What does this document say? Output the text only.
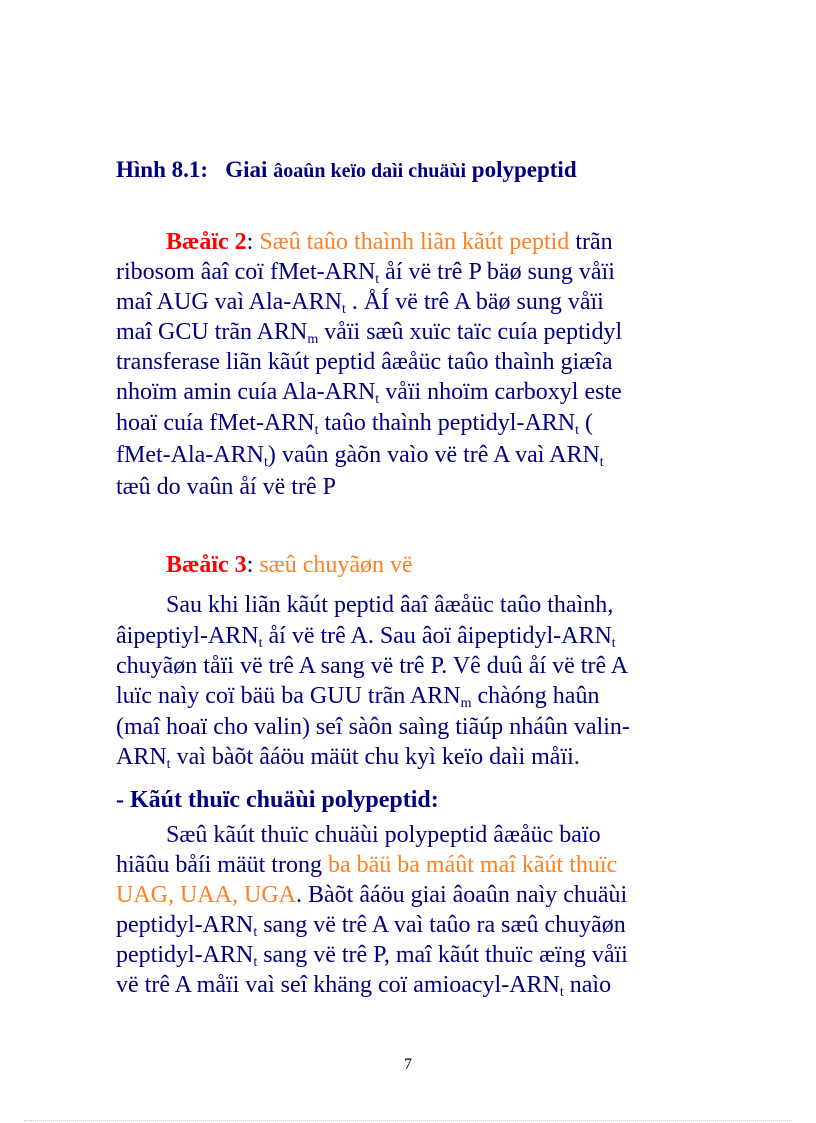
Hình 8.1: Giai âoaûn keïo daìi chuäùi polypeptid
Bæåïc 2: Sæû taûo thaình liãn kãút peptid trãn
ribosom âaî coï fMet-$ARN_t$ åí vë trê P bäø sung våïi
maî AUG vaì Ala-$ARN_t$ . ÅÍ vë trê A bäø sung våïi
maî GCU trãn $ARN_m$ våïi sæû xuïc taïc cuía peptidyl
transferase liãn kãút peptid âæåüc taûo thaình giæîa
nhoïm amin cuía Ala-$ARN_t$ våïi nhoïm carboxyl este
hoaï cuía fMet-$ARN_t$ taûo thaình peptidyl-$ARN_t$ (
fMet-$Ala-ARN_t$) vaûn gàõn vaìo vë trê A vaì $ARN_t$
tæû do vaûn åí vë trê P
Bæåïc 3: sæû chuyãøn vë
Sau khi liãn kãút peptid âaî âæåüc taûo thaình,
âipeptiyl-$ARN_t$ åí vë trê A. Sau âoï âipeptidyl-$ARN_t$
chuyãøn tåïi vë trê A sang vë trê P. Vê duû åí vë trê A
luïc naìy coï bäü ba GUU trãn $ARN_m$ chàóng haûn
(maî hoaï cho valin) seî sàôn saìng tiãúp nháûn valin-
$ARN_t$ vaì bàõt âáöu mäüt chu kyì keïo daìi måïi.
- Kãút thuïc chuäùi polypeptid:
Sæû kãút thuïc chuäùi polypeptid âæåüc baïo
hiãûu båíi mäüt trong ba bäü ba máût maî kãút thuïc
UAG, UAA, UGA. Bàõt âáöu giai âoaûn naìy chuäùi
peptidyl-$ARN_t$ sang vë trê A vaì taûo ra sæû chuyãøn
peptidyl-$ARN_t$ sang vë trê P, maî kãút thuïc æïng våïi
vë trê A måïi vaì seî khäng coï amioacyl-$ARN_t$ naìo
7
